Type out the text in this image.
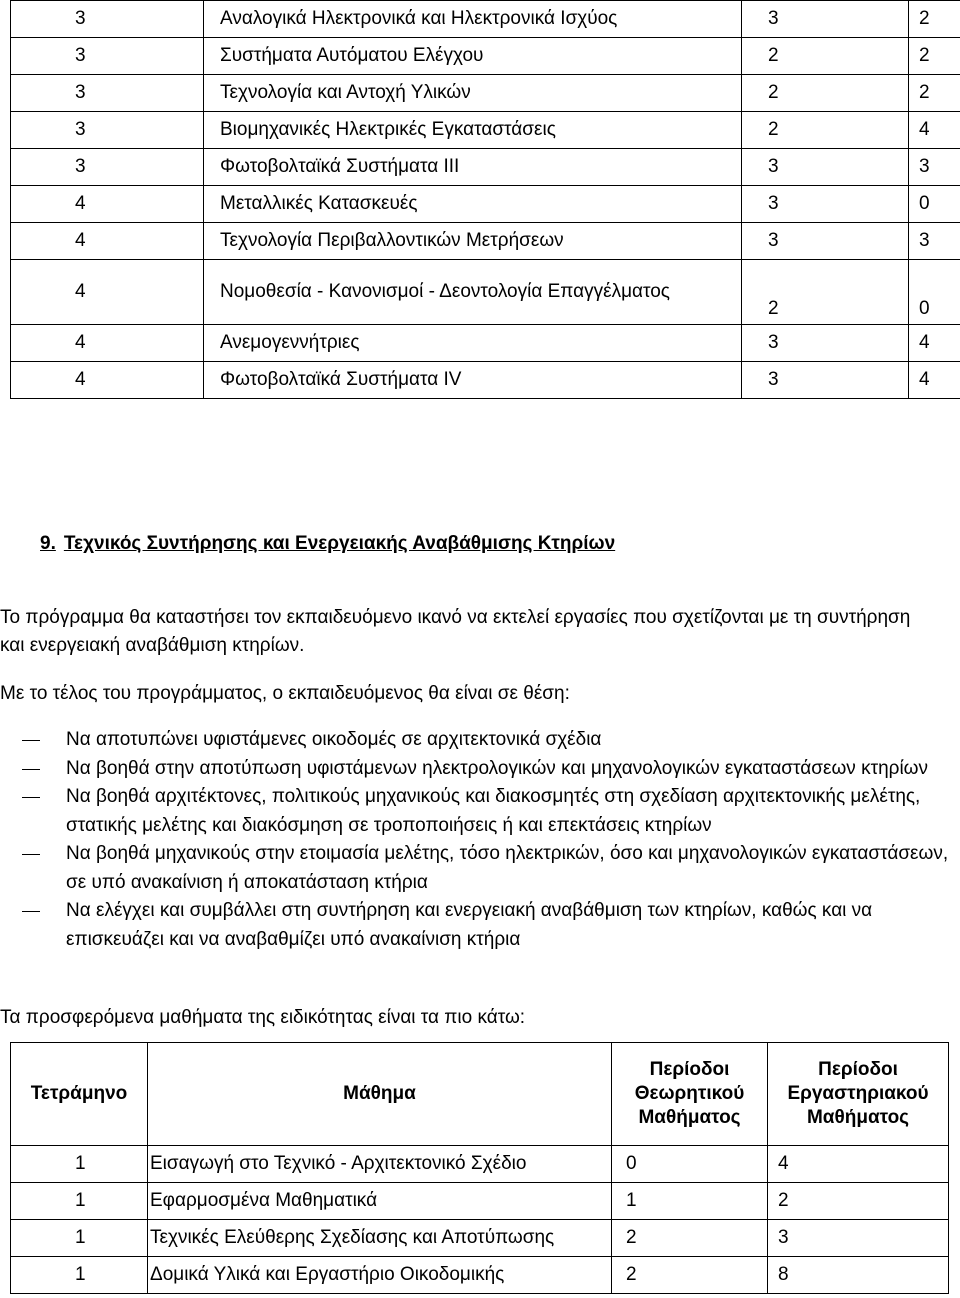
3	Αναλογικά Ηλεκτρονικά και Ηλεκτρονικά Ισχύος	3	2
3	Συστήματα Αυτόματου Ελέγχου	2	2
3	Τεχνολογία και Αντοχή Υλικών	2	2
3	Βιομηχανικές Ηλεκτρικές Εγκαταστάσεις	2	4
3	Φωτοβολταϊκά Συστήματα ΙΙΙ	3	3
4	Μεταλλικές Κατασκευές	3	0
4	Τεχνολογία Περιβαλλοντικών Μετρήσεων	3	3
4	Νομοθεσία - Κανονισμοί - Δεοντολογία Επαγγέλματος	2	0
4	Ανεμογεννήτριες	3	4
4	Φωτοβολταϊκά Συστήματα IV	3	4
9. Τεχνικός Συντήρησης και Ενεργειακής Αναβάθμισης Κτηρίων

Το πρόγραμμα θα καταστήσει τον εκπαιδευόμενο ικανό να εκτελεί εργασίες που σχετίζονται με τη συντήρηση και ενεργειακή αναβάθμιση κτηρίων.

Με το τέλος του προγράμματος, ο εκπαιδευόμενος θα είναι σε θέση:

Να αποτυπώνει υφιστάμενες οικοδομές σε αρχιτεκτονικά σχέδια
Να βοηθά στην αποτύπωση υφιστάμενων ηλεκτρολογικών και μηχανολογικών εγκαταστάσεων κτηρίων
Να βοηθά αρχιτέκτονες, πολιτικούς μηχανικούς και διακοσμητές στη σχεδίαση αρχιτεκτονικής μελέτης, στατικής μελέτης και διακόσμηση σε τροποποιήσεις ή και επεκτάσεις κτηρίων
Να βοηθά μηχανικούς στην ετοιμασία μελέτης, τόσο ηλεκτρικών, όσο και μηχανολογικών εγκαταστάσεων, σε υπό ανακαίνιση ή αποκατάσταση κτήρια
Να ελέγχει και συμβάλλει στη συντήρηση και ενεργειακή αναβάθμιση των κτηρίων, καθώς και να επισκευάζει και να αναβαθμίζει υπό ανακαίνιση κτήρια

Τα προσφερόμενα μαθήματα της ειδικότητας είναι τα πιο κάτω:

Τετράμηνο	Μάθημα	Περίοδοι Θεωρητικού Μαθήματος	Περίοδοι Εργαστηριακού Μαθήματος
1	Εισαγωγή στο Τεχνικό - Αρχιτεκτονικό Σχέδιο	0	4
1	Εφαρμοσμένα Μαθηματικά	1	2
1	Τεχνικές Ελεύθερης Σχεδίασης και Αποτύπωσης	2	3
1	Δομικά Υλικά και Εργαστήριο Οικοδομικής	2	8
